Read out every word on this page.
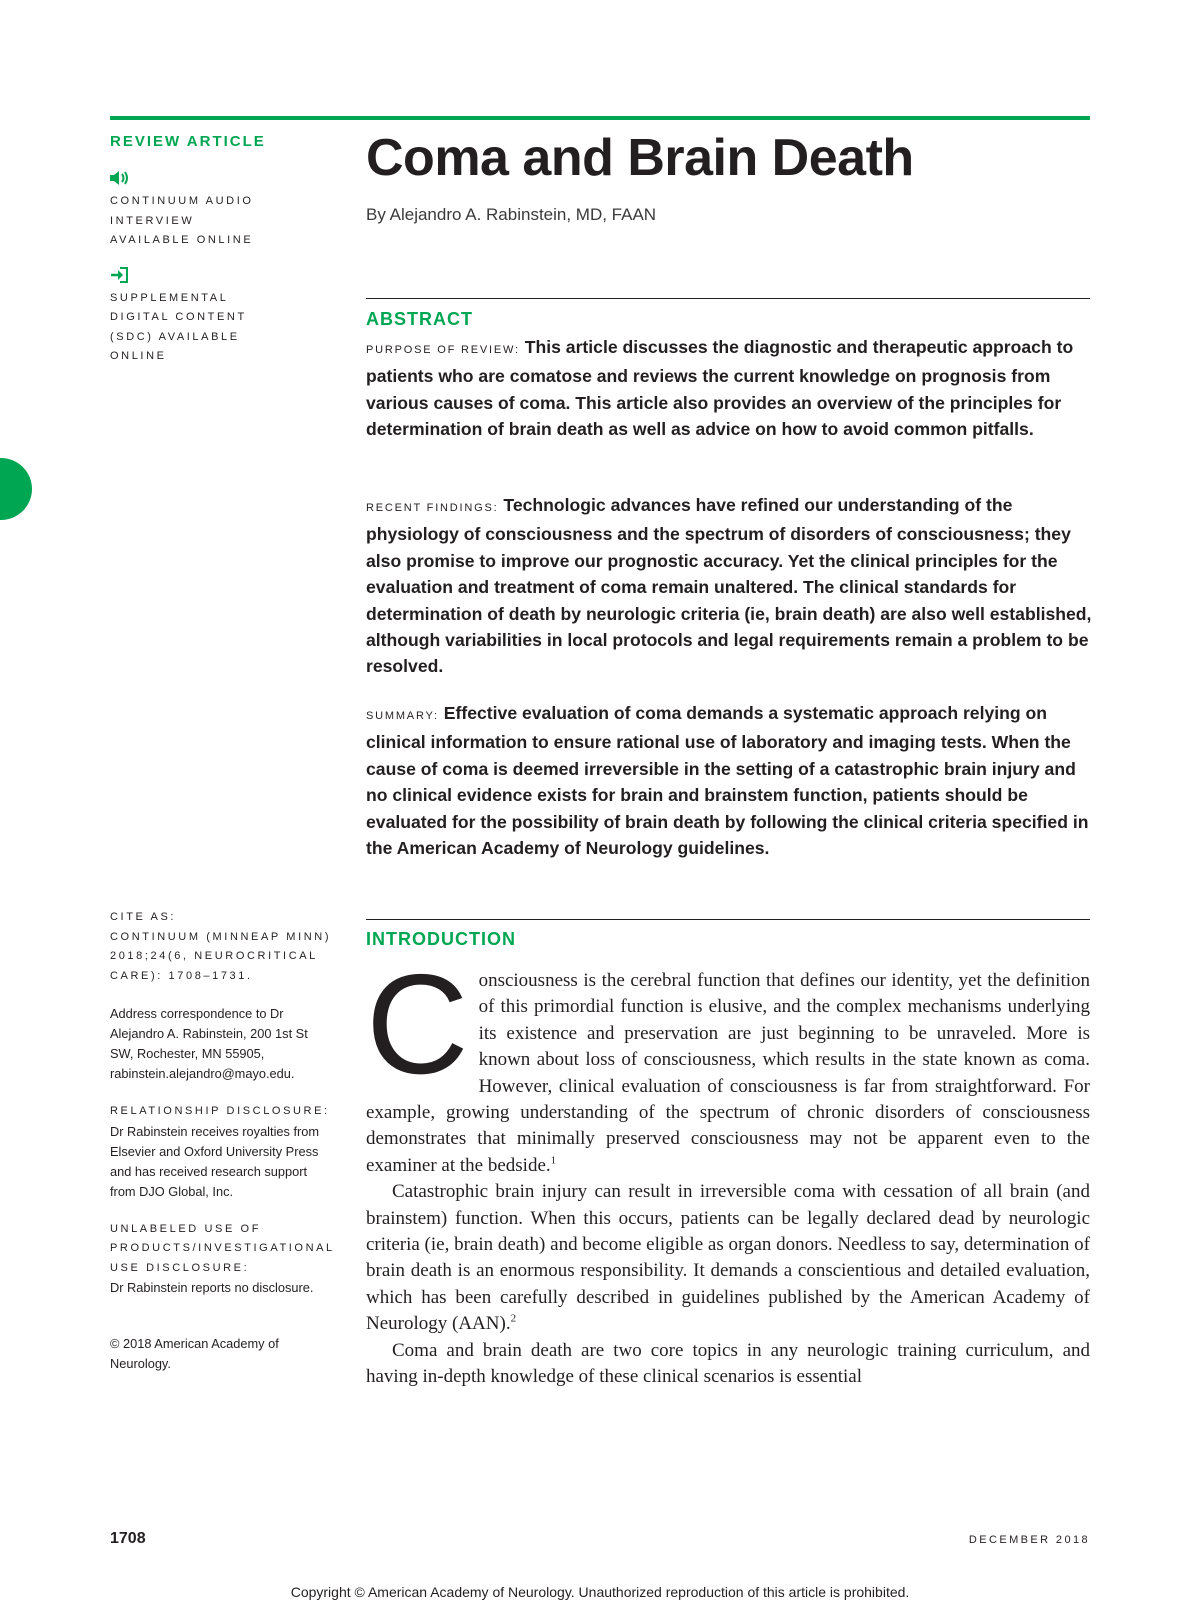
REVIEW ARTICLE
CONTINUUM AUDIO INTERVIEW AVAILABLE ONLINE
SUPPLEMENTAL DIGITAL CONTENT (SDC) AVAILABLE ONLINE
CITE AS:
CONTINUUM (MINNEAP MINN) 2018;24(6, NEUROCRITICAL CARE): 1708–1731.
Address correspondence to Dr Alejandro A. Rabinstein, 200 1st St SW, Rochester, MN 55905, rabinstein.alejandro@mayo.edu.
RELATIONSHIP DISCLOSURE:
Dr Rabinstein receives royalties from Elsevier and Oxford University Press and has received research support from DJO Global, Inc.
UNLABELED USE OF PRODUCTS/INVESTIGATIONAL USE DISCLOSURE:
Dr Rabinstein reports no disclosure.
© 2018 American Academy of Neurology.
Coma and Brain Death
By Alejandro A. Rabinstein, MD, FAAN
ABSTRACT
PURPOSE OF REVIEW: This article discusses the diagnostic and therapeutic approach to patients who are comatose and reviews the current knowledge on prognosis from various causes of coma. This article also provides an overview of the principles for determination of brain death as well as advice on how to avoid common pitfalls.
RECENT FINDINGS: Technologic advances have refined our understanding of the physiology of consciousness and the spectrum of disorders of consciousness; they also promise to improve our prognostic accuracy. Yet the clinical principles for the evaluation and treatment of coma remain unaltered. The clinical standards for determination of death by neurologic criteria (ie, brain death) are also well established, although variabilities in local protocols and legal requirements remain a problem to be resolved.
SUMMARY: Effective evaluation of coma demands a systematic approach relying on clinical information to ensure rational use of laboratory and imaging tests. When the cause of coma is deemed irreversible in the setting of a catastrophic brain injury and no clinical evidence exists for brain and brainstem function, patients should be evaluated for the possibility of brain death by following the clinical criteria specified in the American Academy of Neurology guidelines.
INTRODUCTION

Consciousness is the cerebral function that defines our identity, yet the definition of this primordial function is elusive, and the complex mechanisms underlying its existence and preservation are just beginning to be unraveled. More is known about loss of consciousness, which results in the state known as coma. However, clinical evaluation of consciousness is far from straightforward. For example, growing understanding of the spectrum of chronic disorders of consciousness demonstrates that minimally preserved consciousness may not be apparent even to the examiner at the bedside.$^1$

Catastrophic brain injury can result in irreversible coma with cessation of all brain (and brainstem) function. When this occurs, patients can be legally declared dead by neurologic criteria (ie, brain death) and become eligible as organ donors. Needless to say, determination of brain death is an enormous responsibility. It demands a conscientious and detailed evaluation, which has been carefully described in guidelines published by the American Academy of Neurology (AAN).$^2$

Coma and brain death are two core topics in any neurologic training curriculum, and having in-depth knowledge of these clinical scenarios is essential

1708	DECEMBER 2018
Copyright © American Academy of Neurology. Unauthorized reproduction of this article is prohibited.
